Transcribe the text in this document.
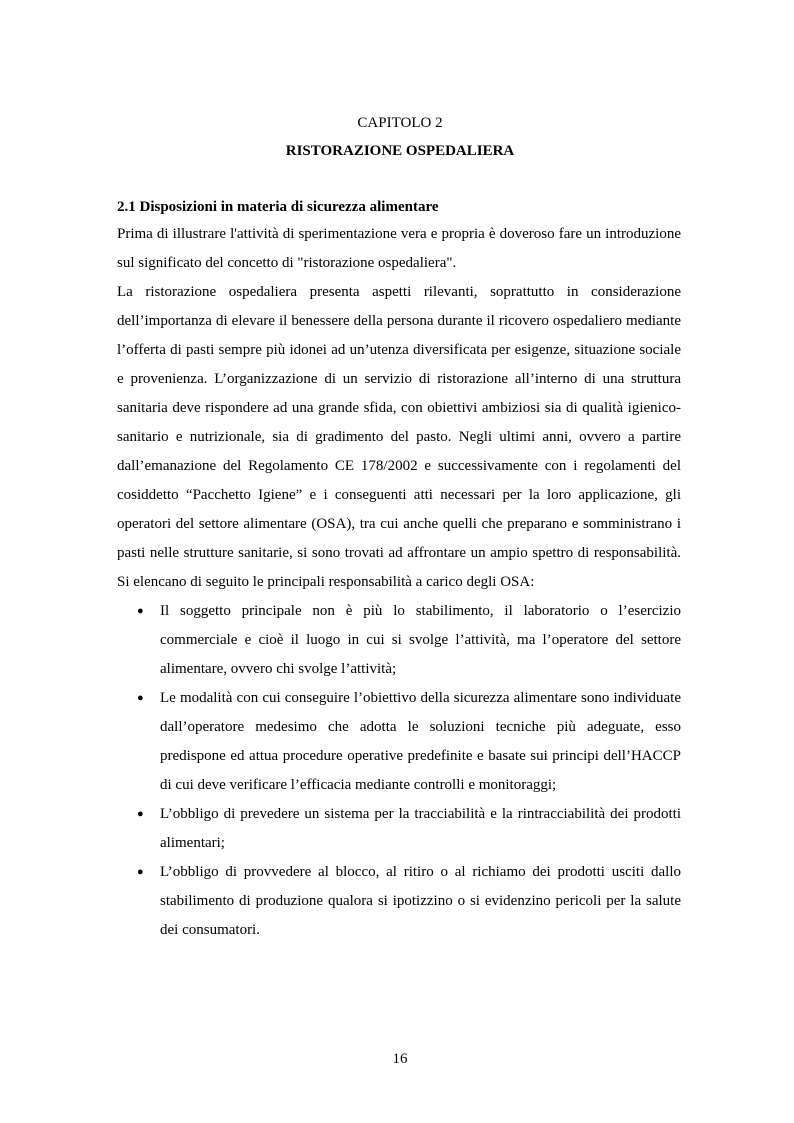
CAPITOLO 2
RISTORAZIONE OSPEDALIERA
2.1 Disposizioni in materia di sicurezza alimentare

Prima di illustrare l'attività di sperimentazione vera e propria è doveroso fare un introduzione sul significato del concetto di "ristorazione ospedaliera".

La ristorazione ospedaliera presenta aspetti rilevanti, soprattutto in considerazione dell’importanza di elevare il benessere della persona durante il ricovero ospedaliero mediante l’offerta di pasti sempre più idonei ad un’utenza diversificata per esigenze, situazione sociale e provenienza. L’organizzazione di un servizio di ristorazione all’interno di una struttura sanitaria deve rispondere ad una grande sfida, con obiettivi ambiziosi sia di qualità igienico-sanitario e nutrizionale, sia di gradimento del pasto. Negli ultimi anni, ovvero a partire dall’emanazione del Regolamento CE 178/2002 e successivamente con i regolamenti del cosiddetto “Pacchetto Igiene” e i conseguenti atti necessari per la loro applicazione, gli operatori del settore alimentare (OSA), tra cui anche quelli che preparano e somministrano i pasti nelle strutture sanitarie, si sono trovati ad affrontare un ampio spettro di responsabilità. Si elencano di seguito le principali responsabilità a carico degli OSA:

● Il soggetto principale non è più lo stabilimento, il laboratorio o l’esercizio commerciale e cioè il luogo in cui si svolge l’attività, ma l’operatore del settore alimentare, ovvero chi svolge l’attività;
● Le modalità con cui conseguire l’obiettivo della sicurezza alimentare sono individuate dall’operatore medesimo che adotta le soluzioni tecniche più adeguate, esso predispone ed attua procedure operative predefinite e basate sui principi dell’HACCP di cui deve verificare l’efficacia mediante controlli e monitoraggi;
● L’obbligo di prevedere un sistema per la tracciabilità e la rintracciabilità dei prodotti alimentari;
● L’obbligo di provvedere al blocco, al ritiro o al richiamo dei prodotti usciti dallo stabilimento di produzione qualora si ipotizzino o si evidenzino pericoli per la salute dei consumatori.
16
